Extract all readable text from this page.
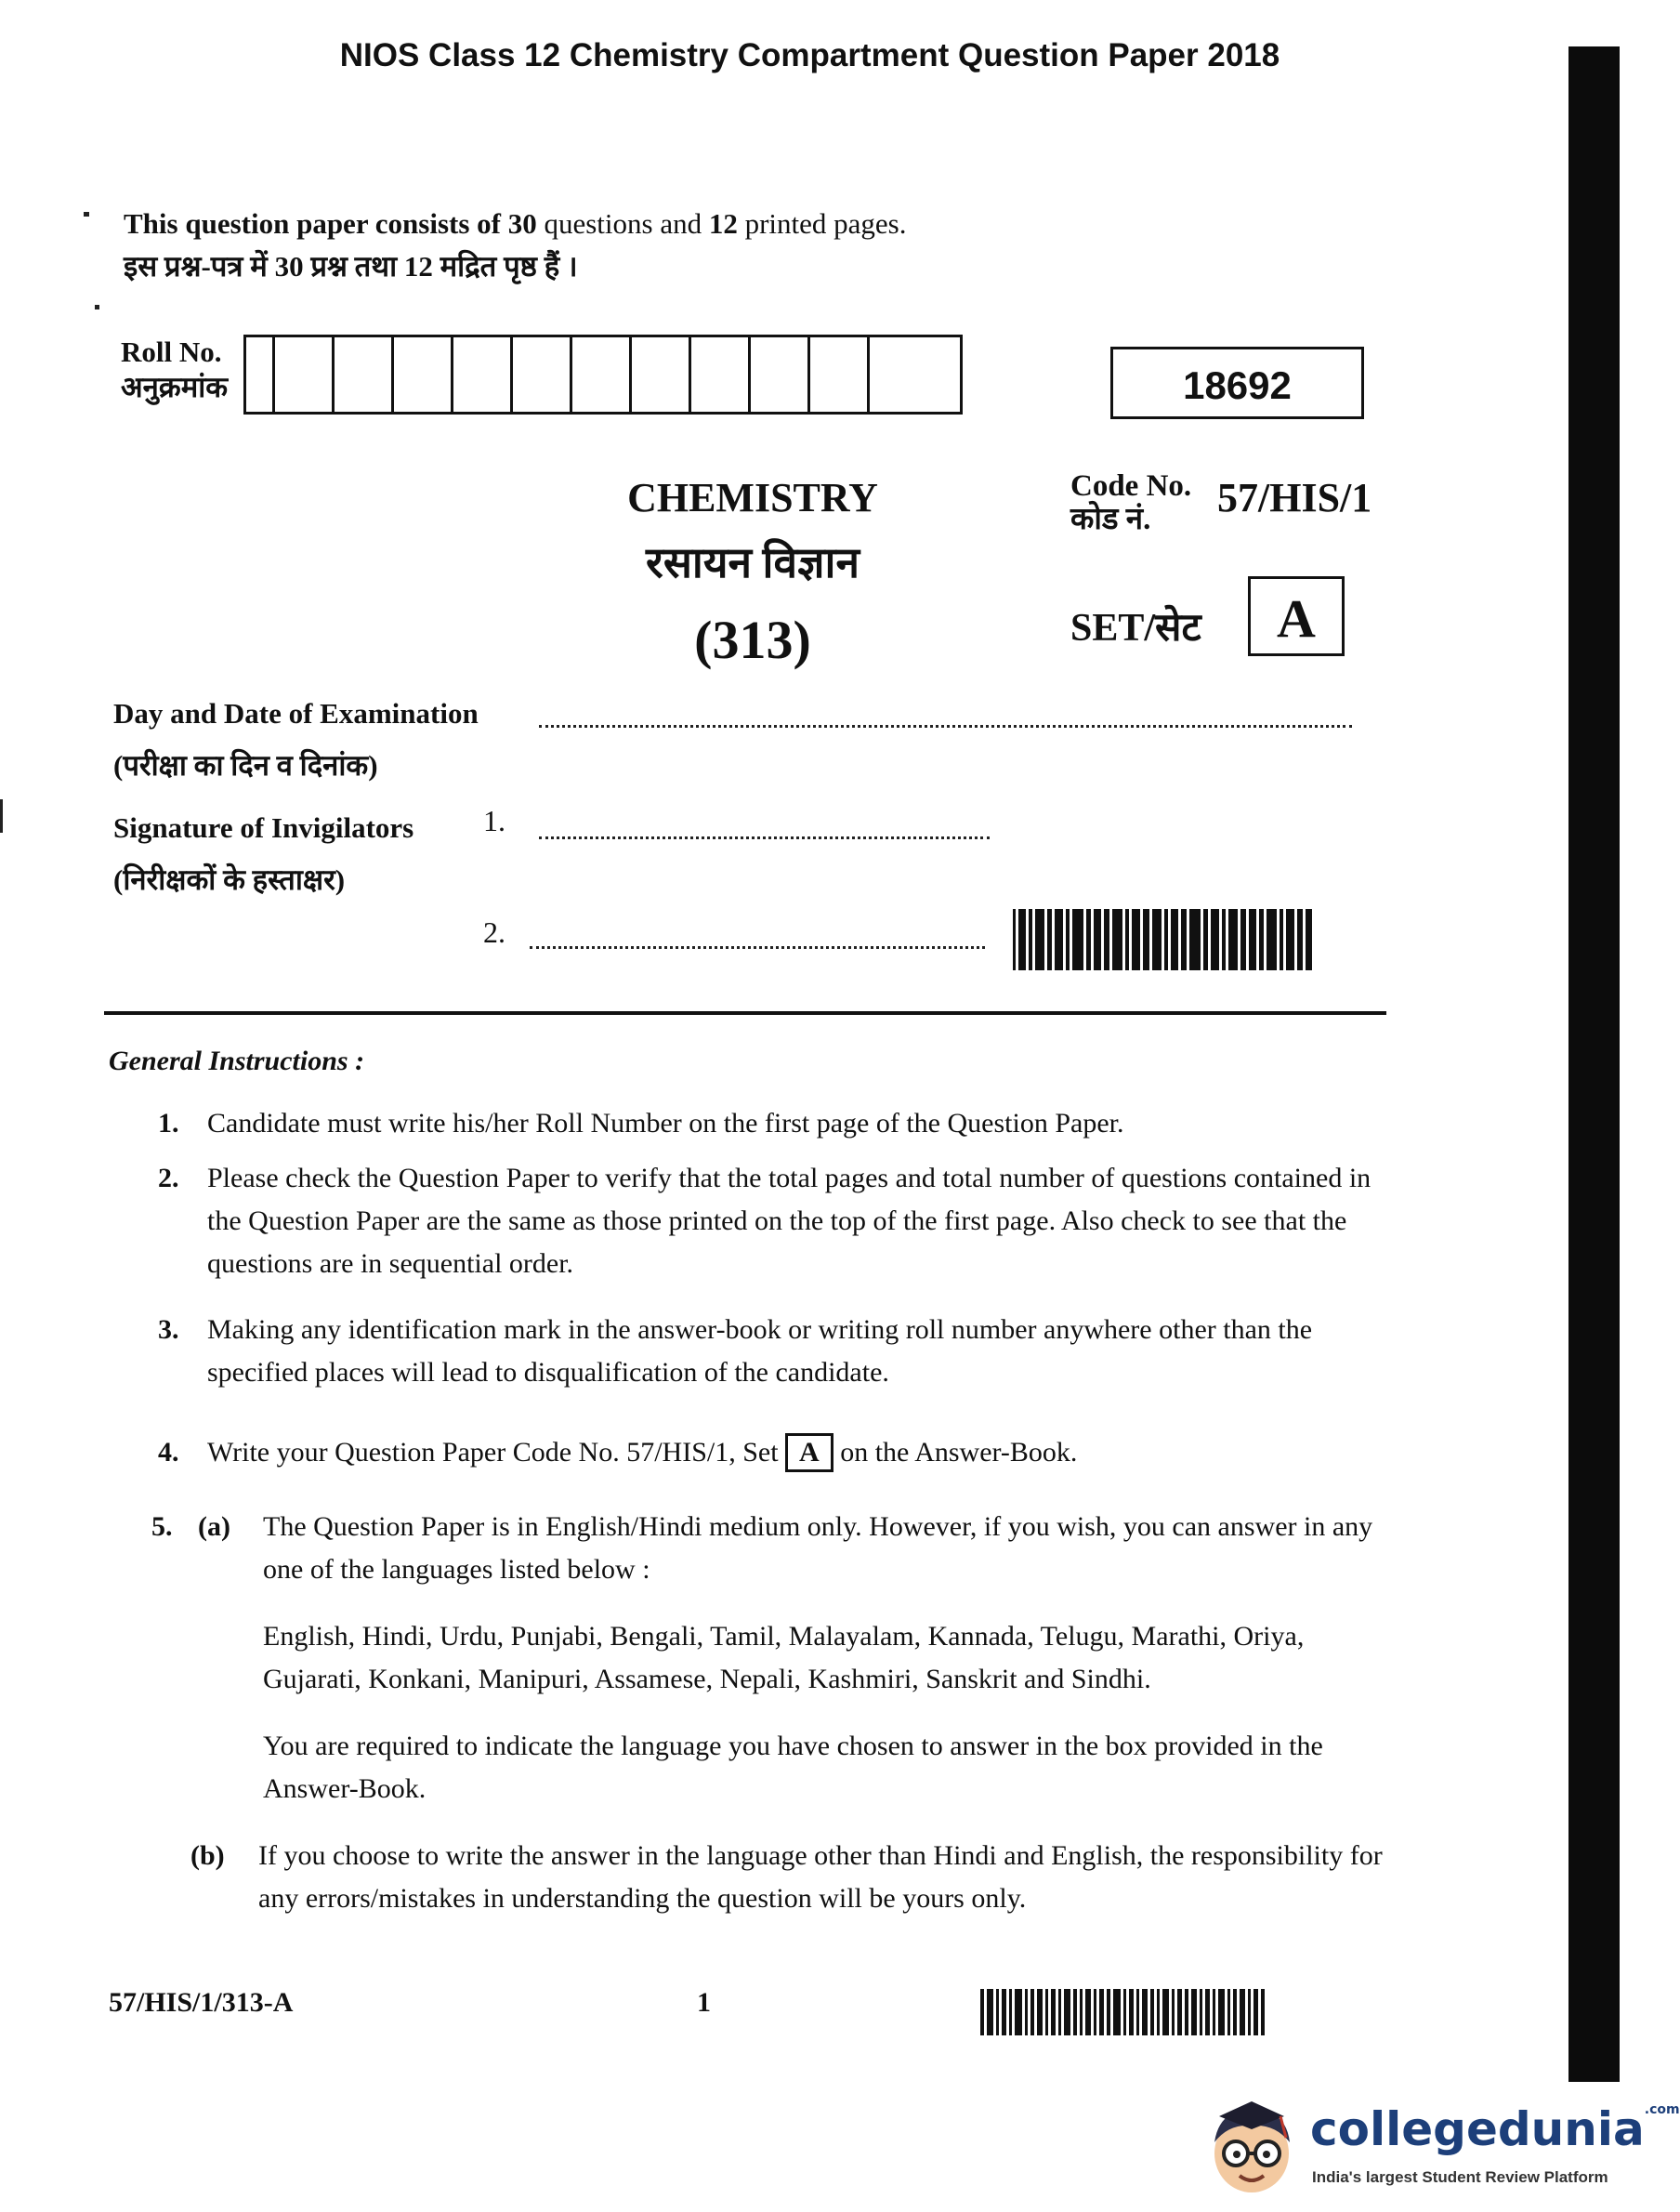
NIOS Class 12 Chemistry Compartment Question Paper 2018
This question paper consists of 30 questions and 12 printed pages.
इस प्रश्न-पत्र में 30 प्रश्न तथा 12 मद्रित पृष्ठ हैं ।
Roll No.
अनुक्रमांक	18692
CHEMISTRY
रसायन विज्ञान
(313)
Code No.
कोड नं.	57/HIS/1
SET/सेट	A
Day and Date of Examination
(परीक्षा का दिन व दिनांक)
Signature of Invigilators
(निरीक्षकों के हस्ताक्षर)
1.
2.
General Instructions :
1. Candidate must write his/her Roll Number on the first page of the Question Paper.

2. Please check the Question Paper to verify that the total pages and total number of questions contained in the Question Paper are the same as those printed on the top of the first page. Also check to see that the questions are in sequential order.

3. Making any identification mark in the answer-book or writing roll number anywhere other than the specified places will lead to disqualification of the candidate.

4. Write your Question Paper Code No. 57/HIS/1, Set A on the Answer-Book.

5. (a) The Question Paper is in English/Hindi medium only. However, if you wish, you can answer in any one of the languages listed below :

English, Hindi, Urdu, Punjabi, Bengali, Tamil, Malayalam, Kannada, Telugu, Marathi, Oriya, Gujarati, Konkani, Manipuri, Assamese, Nepali, Kashmiri, Sanskrit and Sindhi.

You are required to indicate the language you have chosen to answer in the box provided in the Answer-Book.

(b) If you choose to write the answer in the language other than Hindi and English, the responsibility for any errors/mistakes in understanding the question will be yours only.

57/HIS/1/313-A	1
collegedunia$^{.com}$
India's largest Student Review Platform
